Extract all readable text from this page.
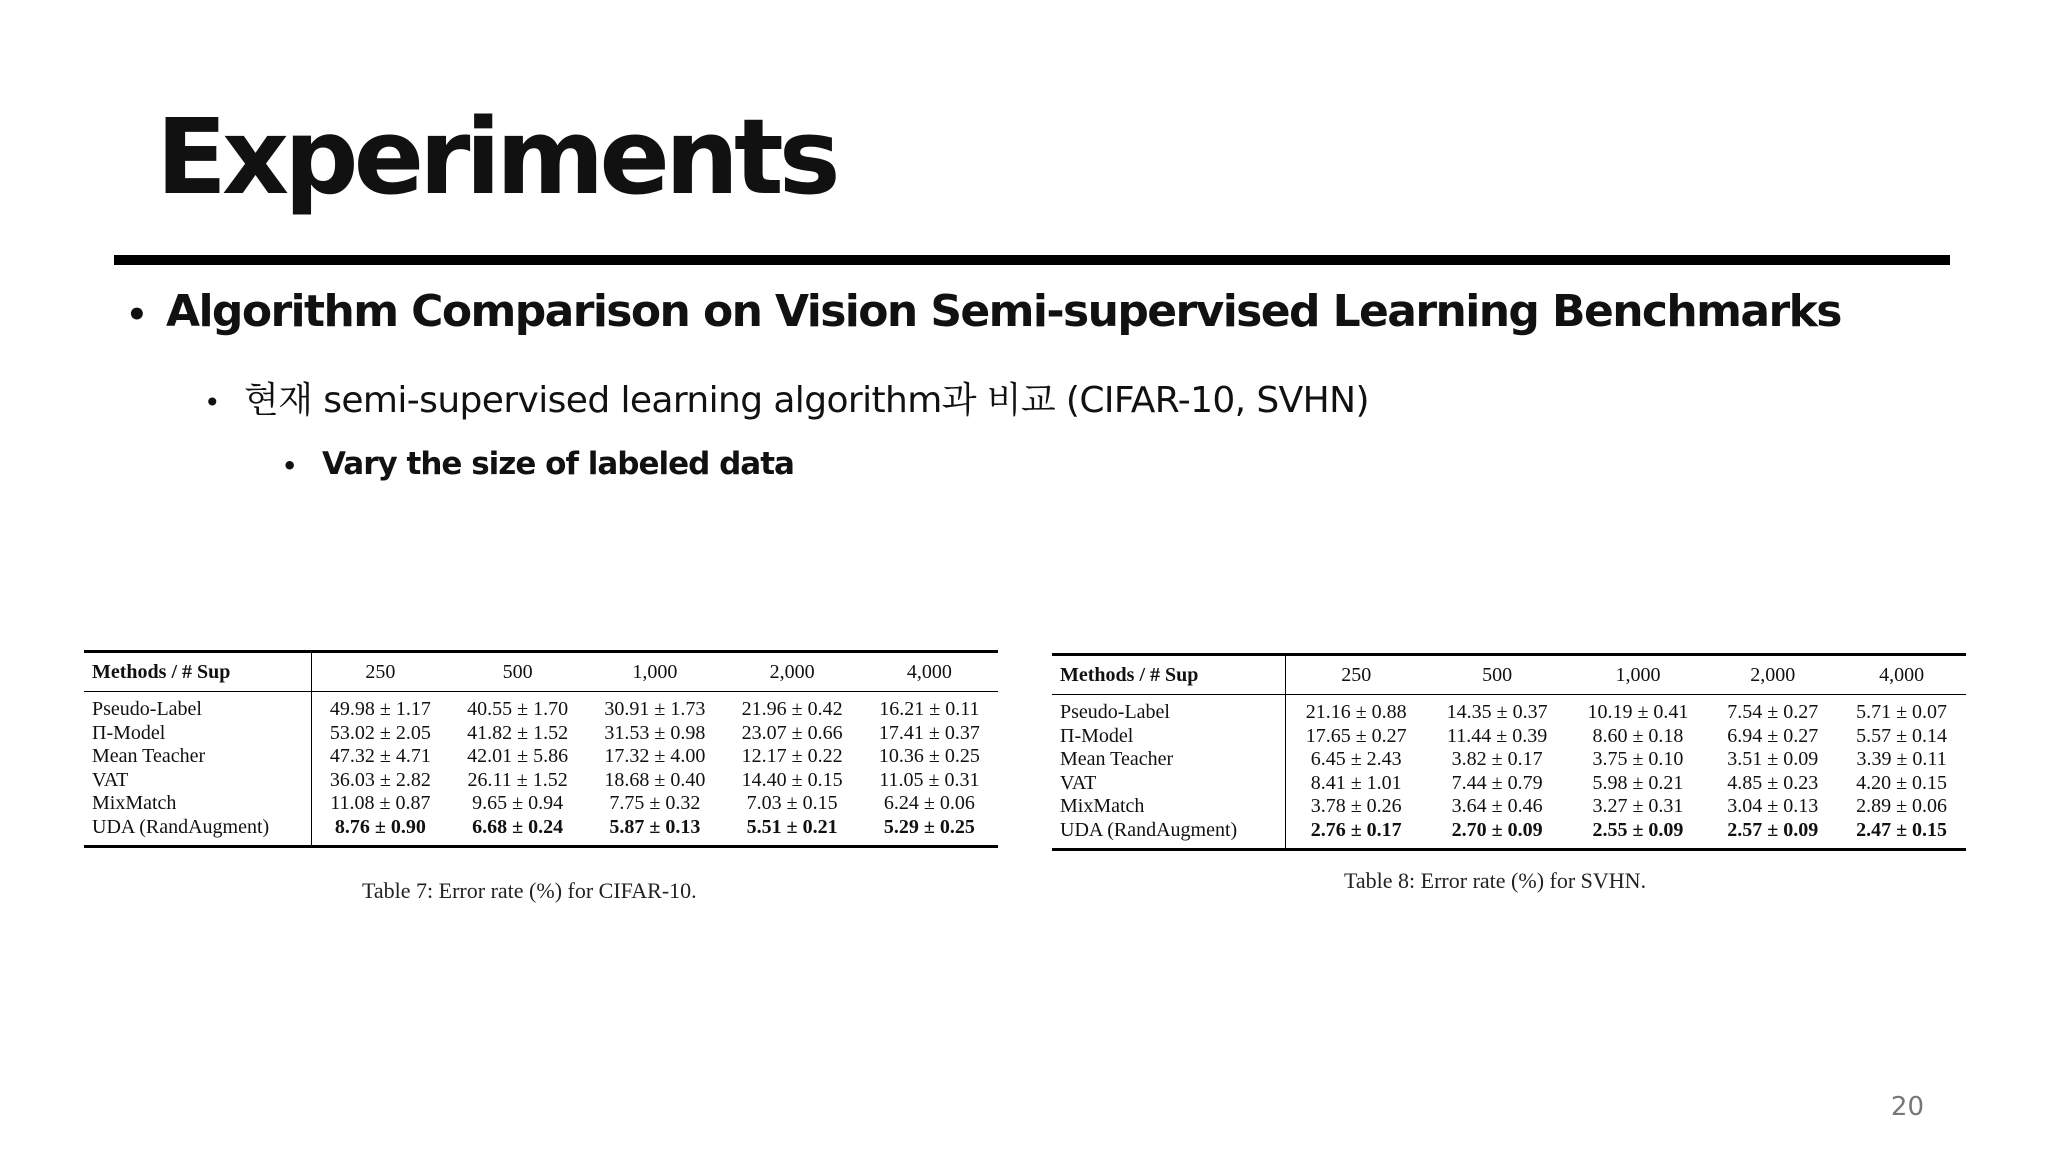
Experiments
• Algorithm Comparison on Vision Semi-supervised Learning Benchmarks
• 현재 semi-supervised learning algorithm과 비교 (CIFAR-10, SVHN)
• Vary the size of labeled data
Methods / # Sup	250	500	1,000	2,000	4,000
Pseudo-Label	49.98 ± 1.17	40.55 ± 1.70	30.91 ± 1.73	21.96 ± 0.42	16.21 ± 0.11
Π-Model	53.02 ± 2.05	41.82 ± 1.52	31.53 ± 0.98	23.07 ± 0.66	17.41 ± 0.37
Mean Teacher	47.32 ± 4.71	42.01 ± 5.86	17.32 ± 4.00	12.17 ± 0.22	10.36 ± 0.25
VAT	36.03 ± 2.82	26.11 ± 1.52	18.68 ± 0.40	14.40 ± 0.15	11.05 ± 0.31
MixMatch	11.08 ± 0.87	9.65 ± 0.94	7.75 ± 0.32	7.03 ± 0.15	6.24 ± 0.06
UDA (RandAugment)	8.76 ± 0.90	6.68 ± 0.24	5.87 ± 0.13	5.51 ± 0.21	5.29 ± 0.25
Table 7: Error rate (%) for CIFAR-10.
Methods / # Sup	250	500	1,000	2,000	4,000
Pseudo-Label	21.16 ± 0.88	14.35 ± 0.37	10.19 ± 0.41	7.54 ± 0.27	5.71 ± 0.07
Π-Model	17.65 ± 0.27	11.44 ± 0.39	8.60 ± 0.18	6.94 ± 0.27	5.57 ± 0.14
Mean Teacher	6.45 ± 2.43	3.82 ± 0.17	3.75 ± 0.10	3.51 ± 0.09	3.39 ± 0.11
VAT	8.41 ± 1.01	7.44 ± 0.79	5.98 ± 0.21	4.85 ± 0.23	4.20 ± 0.15
MixMatch	3.78 ± 0.26	3.64 ± 0.46	3.27 ± 0.31	3.04 ± 0.13	2.89 ± 0.06
UDA (RandAugment)	2.76 ± 0.17	2.70 ± 0.09	2.55 ± 0.09	2.57 ± 0.09	2.47 ± 0.15
Table 8: Error rate (%) for SVHN.
20
